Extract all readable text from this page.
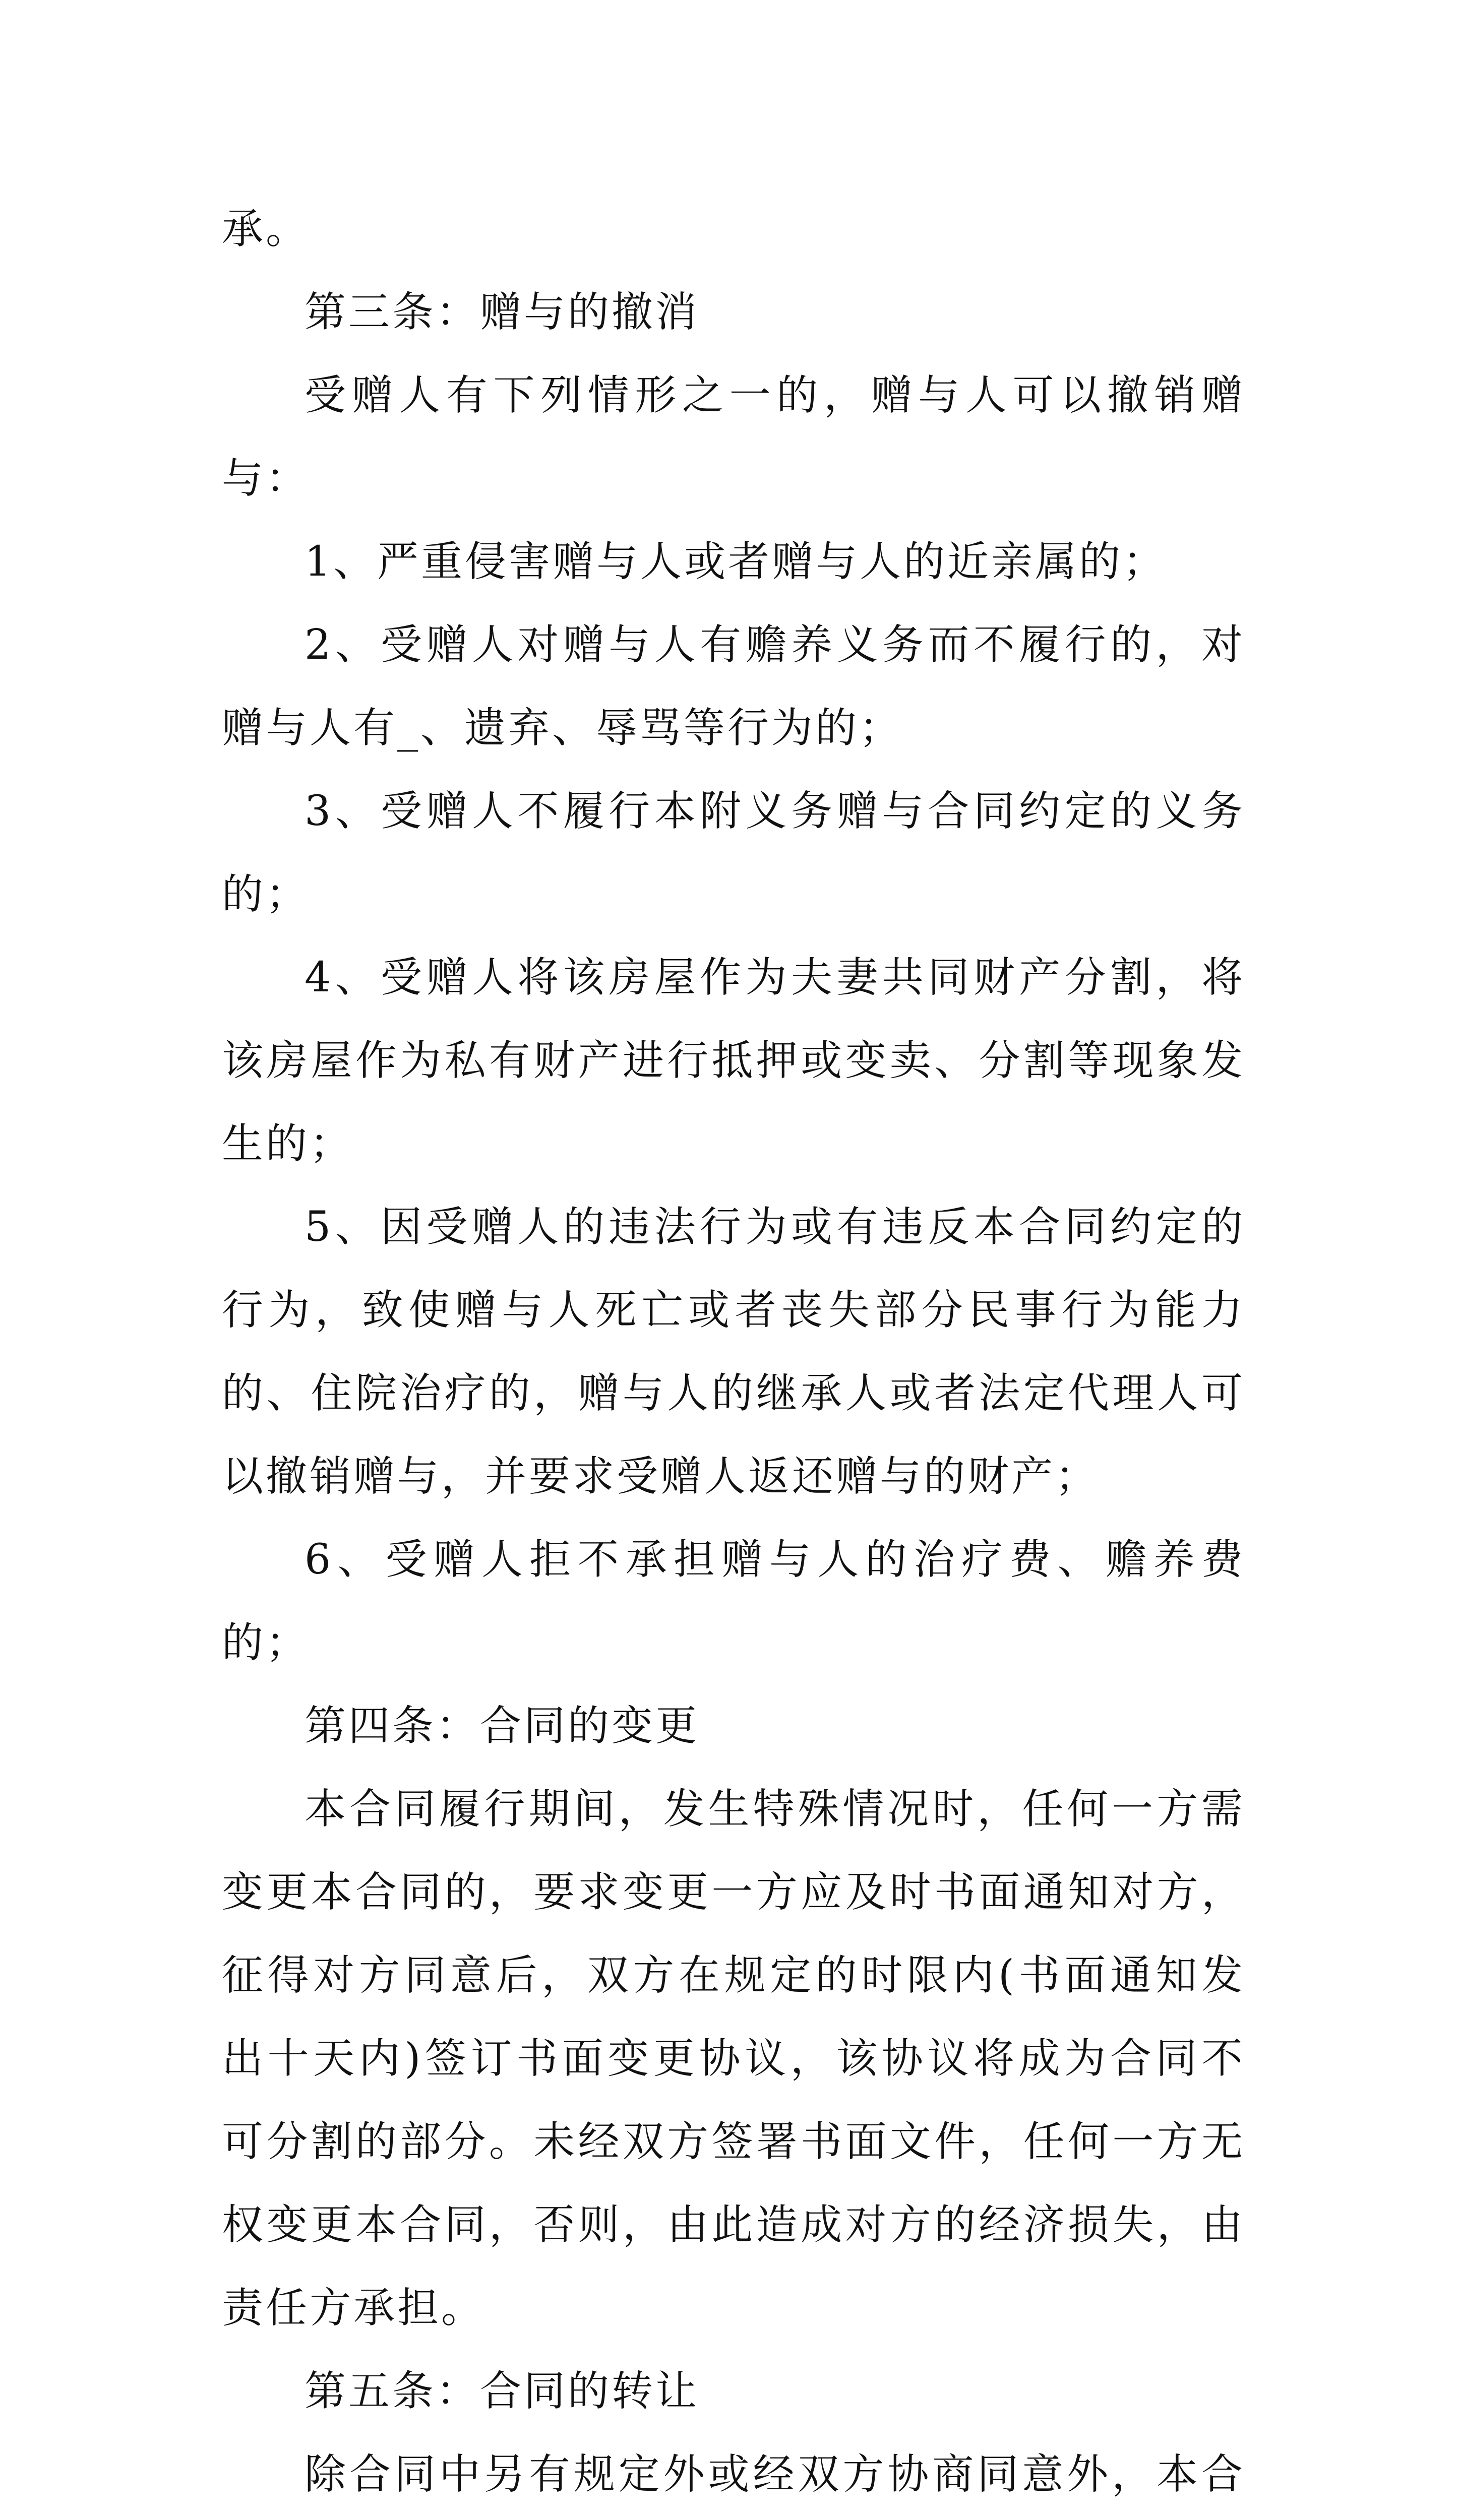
承。

第三条：赠与的撤消

受赠人有下列情形之一的，赠与人可以撤销赠与：

1、严重侵害赠与人或者赠与人的近亲属的；

2、受赠人对赠与人有赡养义务而不履行的，对赠与人有_、遗弃、辱骂等行为的；

3、受赠人不履行本附义务赠与合同约定的义务的；

4、受赠人将该房屋作为夫妻共同财产分割，将该房屋作为私有财产进行抵押或变卖、分割等现象发生的；

5、因受赠人的违法行为或有违反本合同约定的行为，致使赠与人死亡或者丧失部分民事行为能力的、住院治疗的，赠与人的继承人或者法定代理人可以撤销赠与，并要求受赠人返还赠与的财产；

6、受赠人拒不承担赠与人的治疗费、赡养费的；

第四条：合同的变更

本合同履行期间，发生特殊情况时，任何一方需变更本合同的，要求变更一方应及时书面通知对方，征得对方同意后，双方在规定的时限内(书面通知发出十天内)签订书面变更协议，该协议将成为合同不可分割的部分。未经双方签署书面文件，任何一方无权变更本合同，否则，由此造成对方的经济损失，由责任方承担。

第五条：合同的转让

除合同中另有规定外或经双方协商同意外，本合
